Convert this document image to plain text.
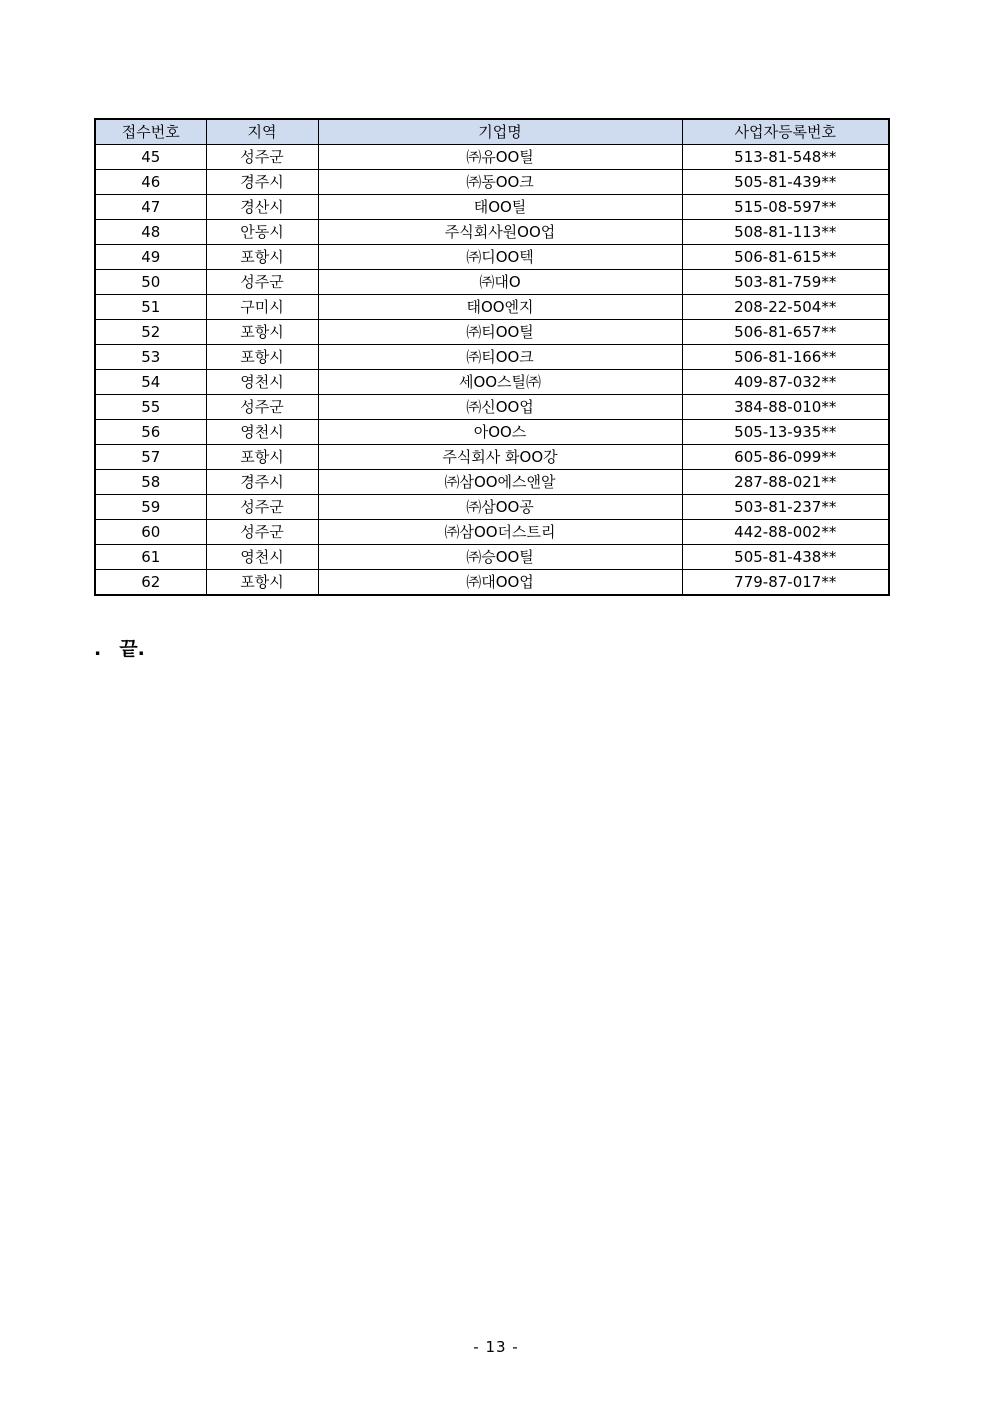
접수번호	지역	기업명	사업자등록번호
45	성주군	㈜유OO틸	513-81-548**
46	경주시	㈜동OO크	505-81-439**
47	경산시	태OO틸	515-08-597**
48	안동시	주식회사원OO업	508-81-113**
49	포항시	㈜디OO텍	506-81-615**
50	성주군	㈜대O	503-81-759**
51	구미시	태OO엔지	208-22-504**
52	포항시	㈜티OO틸	506-81-657**
53	포항시	㈜티OO크	506-81-166**
54	영천시	세OO스틸㈜	409-87-032**
55	성주군	㈜신OO업	384-88-010**
56	영천시	아OO스	505-13-935**
57	포항시	주식회사 화OO강	605-86-099**
58	경주시	㈜삼OO에스앤알	287-88-021**
59	성주군	㈜삼OO공	503-81-237**
60	성주군	㈜삼OO더스트리	442-88-002**
61	영천시	㈜승OO틸	505-81-438**
62	포항시	㈜대OO업	779-87-017**
. 끝.
- 13 -
